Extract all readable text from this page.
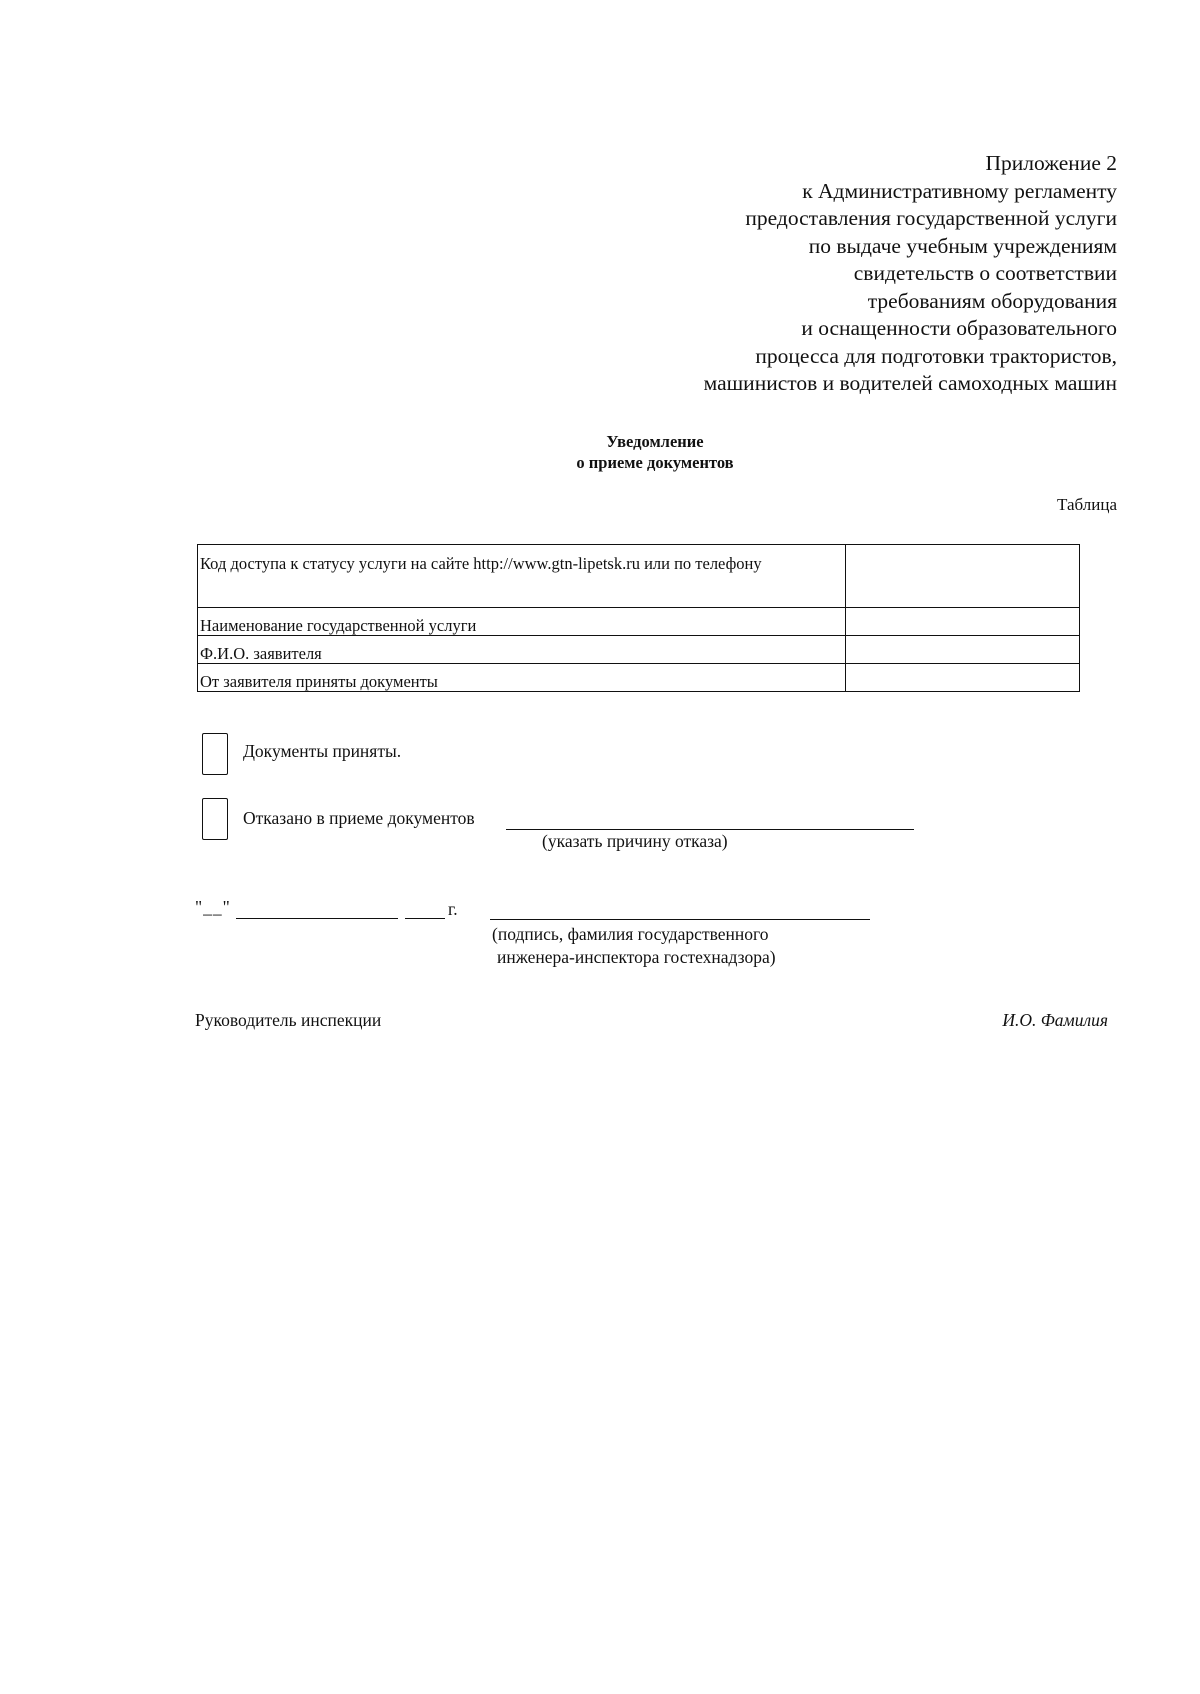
Приложение 2
к Административному регламенту
предоставления государственной услуги
по выдаче учебным учреждениям
свидетельств о соответствии
требованиям оборудования
и оснащенности образовательного
процесса для подготовки трактористов,
машинистов и водителей самоходных машин
Уведомление
о приеме документов
Таблица
Код доступа к статусу услуги на сайте http://www.gtn-lipetsk.ru или по телефону	
Наименование государственной услуги	
Ф.И.О. заявителя	
От заявителя приняты документы	
Документы приняты.
Отказано в приеме документов
(указать причину отказа)
"__"	г.
(подпись, фамилия государственного
инженера-инспектора гостехнадзора)
Руководитель инспекции	И.О. Фамилия
